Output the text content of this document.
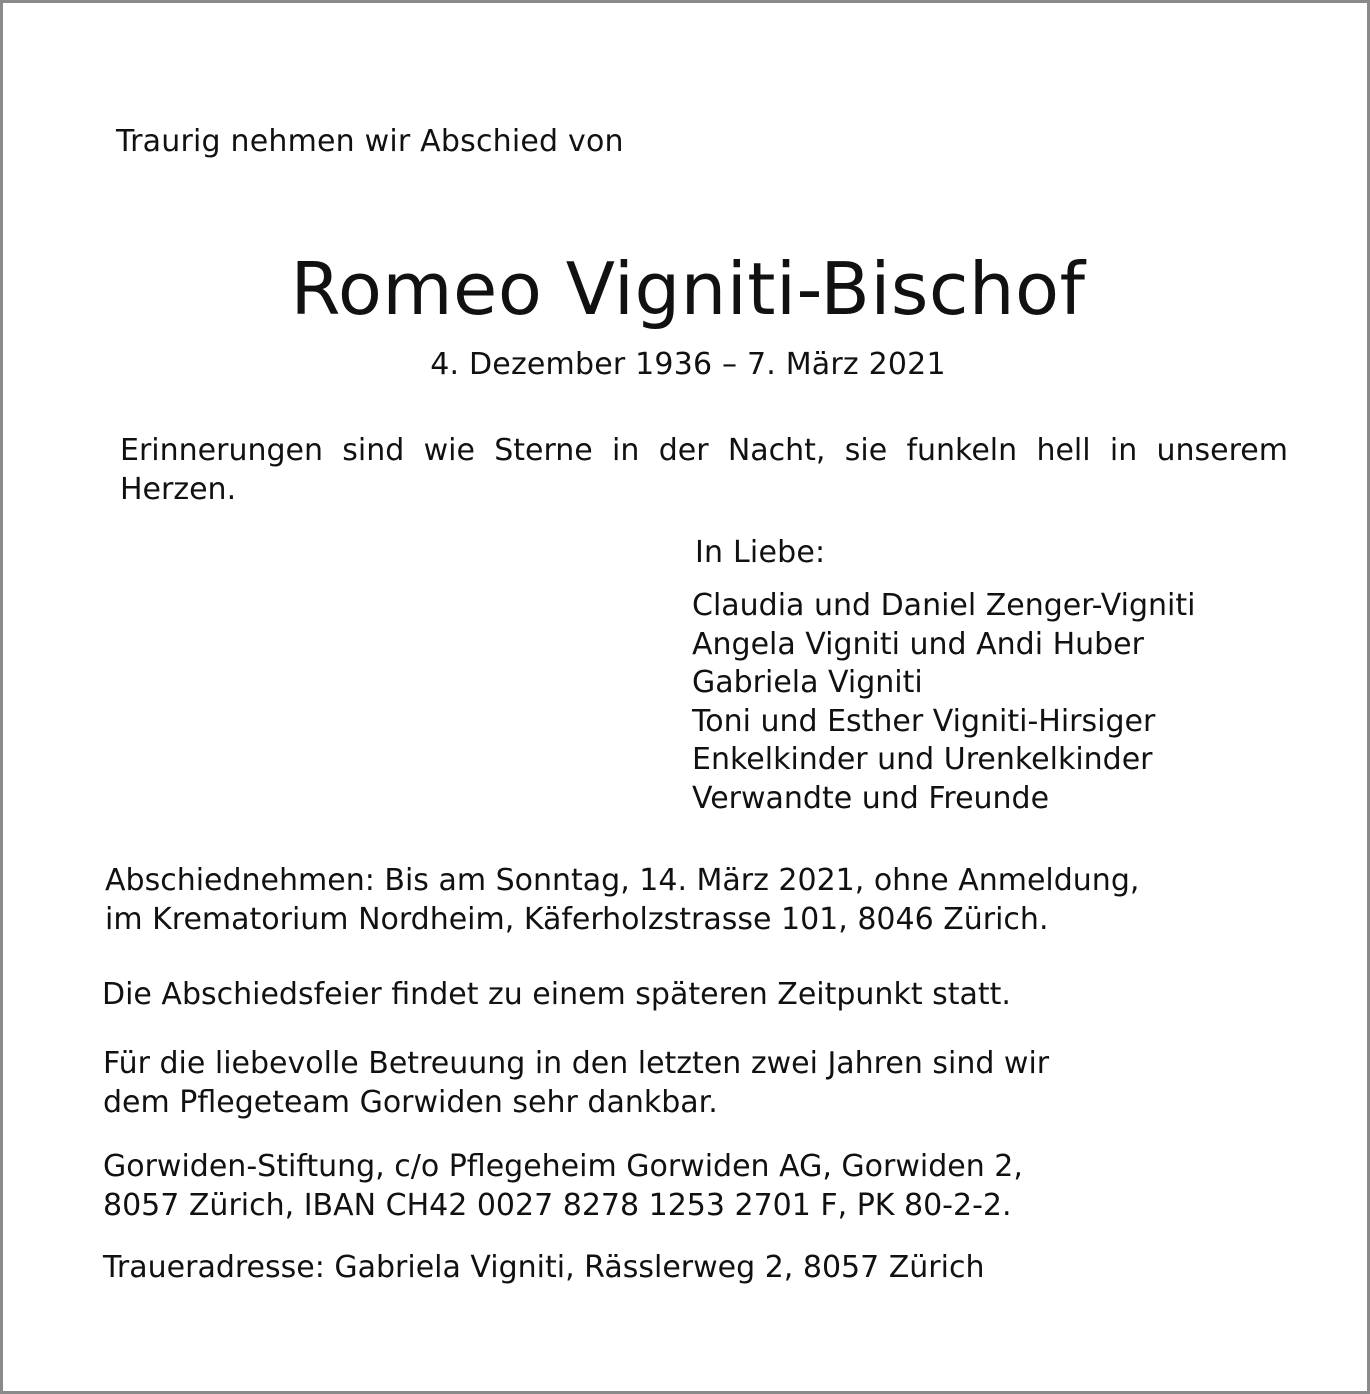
Traurig nehmen wir Abschied von

Romeo Vigniti-Bischof

4. Dezember 1936 – 7. März 2021

Erinnerungen sind wie Sterne in der Nacht, sie funkeln hell in unserem Herzen.

In Liebe:

Claudia und Daniel Zenger-Vigniti
Angela Vigniti und Andi Huber
Gabriela Vigniti
Toni und Esther Vigniti-Hirsiger
Enkelkinder und Urenkelkinder
Verwandte und Freunde
Abschiednehmen: Bis am Sonntag, 14. März 2021, ohne Anmeldung,
im Krematorium Nordheim, Käferholzstrasse 101, 8046 Zürich.
Die Abschiedsfeier findet zu einem späteren Zeitpunkt statt.
Für die liebevolle Betreuung in den letzten zwei Jahren sind wir
dem Pflegeteam Gorwiden sehr dankbar.
Gorwiden-Stiftung, c/o Pflegeheim Gorwiden AG, Gorwiden 2,
8057 Zürich, IBAN CH42 0027 8278 1253 2701 F, PK 80-2-2.
Traueradresse: Gabriela Vigniti, Rässlerweg 2, 8057 Zürich
